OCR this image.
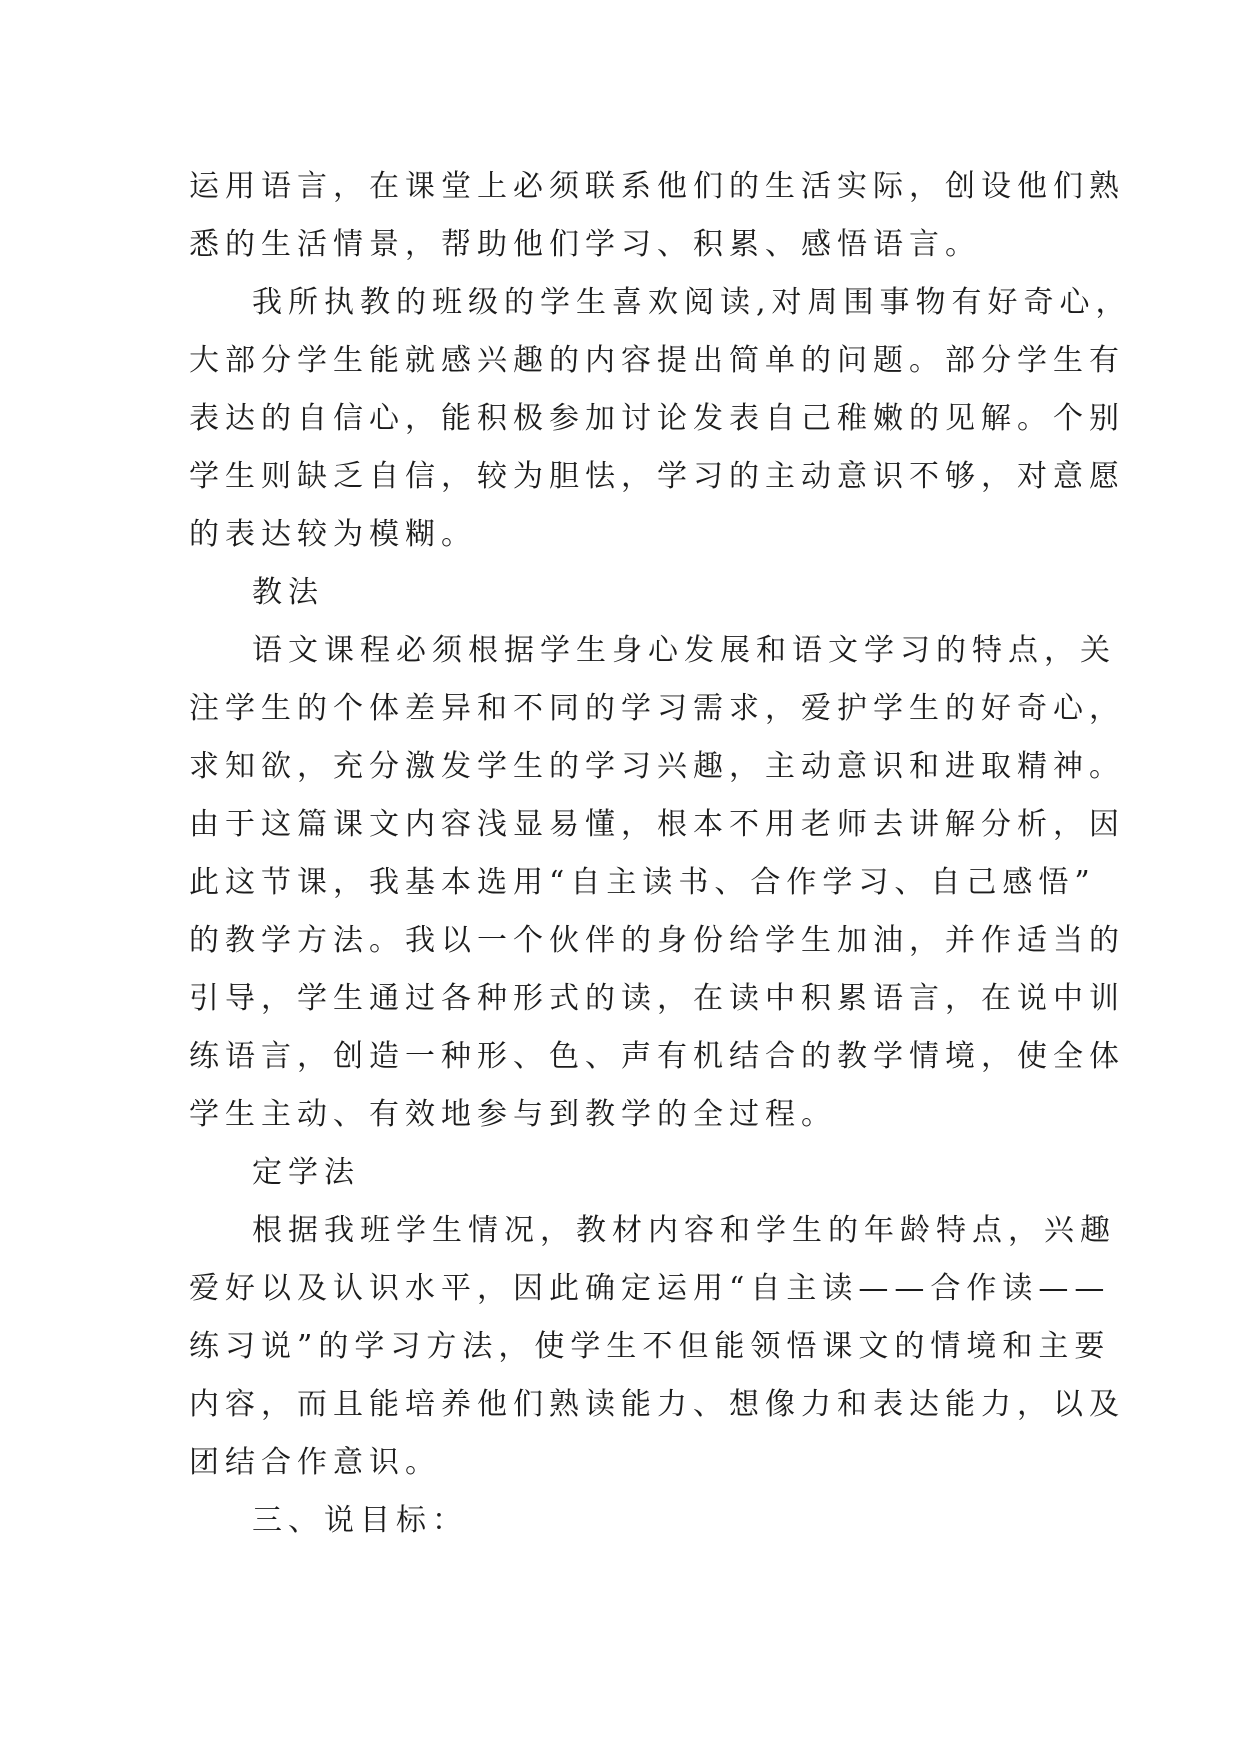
运用语言，在课堂上必须联系他们的生活实际，创设他们熟
悉的生活情景，帮助他们学习、积累、感悟语言。
我所执教的班级的学生喜欢阅读,对周围事物有好奇心，
大部分学生能就感兴趣的内容提出简单的问题。部分学生有
表达的自信心，能积极参加讨论发表自己稚嫩的见解。个别
学生则缺乏自信，较为胆怯，学习的主动意识不够，对意愿
的表达较为模糊。
教法
语文课程必须根据学生身心发展和语文学习的特点，关
注学生的个体差异和不同的学习需求，爱护学生的好奇心，
求知欲，充分激发学生的学习兴趣，主动意识和进取精神。
由于这篇课文内容浅显易懂，根本不用老师去讲解分析，因
此这节课，我基本选用“自主读书、合作学习、自己感悟”
的教学方法。我以一个伙伴的身份给学生加油，并作适当的
引导，学生通过各种形式的读，在读中积累语言，在说中训
练语言，创造一种形、色、声有机结合的教学情境，使全体
学生主动、有效地参与到教学的全过程。
定学法
根据我班学生情况，教材内容和学生的年龄特点，兴趣
爱好以及认识水平，因此确定运用“自主读——合作读——
练习说”的学习方法，使学生不但能领悟课文的情境和主要
内容，而且能培养他们熟读能力、想像力和表达能力，以及
团结合作意识。
三、说目标：
